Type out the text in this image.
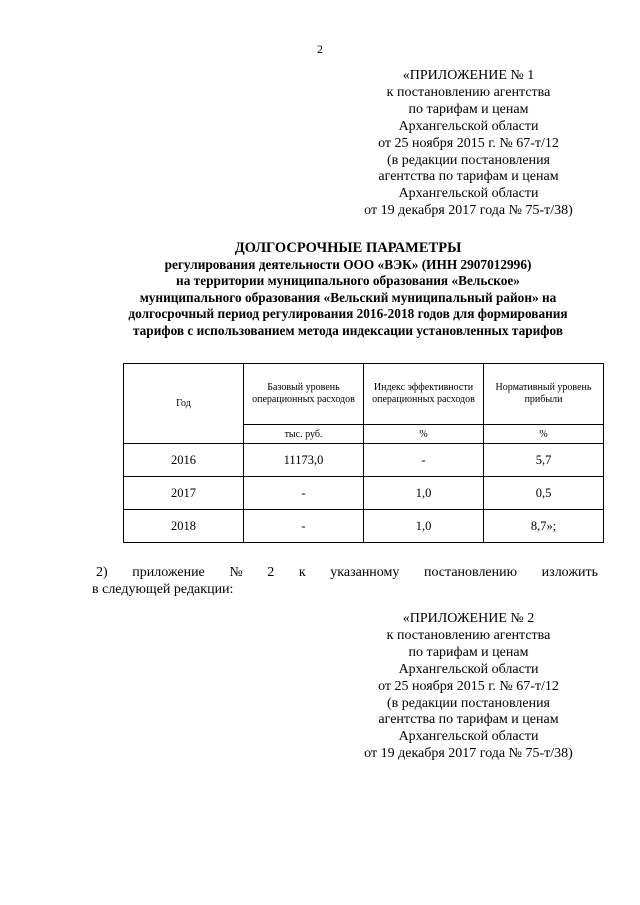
2
«ПРИЛОЖЕНИЕ № 1
к постановлению агентства
по тарифам и ценам
Архангельской области
от 25 ноября 2015 г. № 67-т/12
(в редакции постановления
агентства по тарифам и ценам
Архангельской области
от 19 декабря 2017 года № 75-т/38)
ДОЛГОСРОЧНЫЕ ПАРАМЕТРЫ
регулирования деятельности ООО «ВЭК» (ИНН 2907012996)
на территории муниципального образования «Вельское»
муниципального образования «Вельский муниципальный район» на
долгосрочный период регулирования 2016-2018 годов для формирования
тарифов с использованием метода индексации установленных тарифов
Год	Базовый уровень операционных расходов	Индекс эффективности операционных расходов	Нормативный уровень прибыли
	тыс. руб.	%	%
2016	11173,0	-	5,7
2017	-	1,0	0,5
2018	-	1,0	8,7»;
2) приложение № 2 к указанному постановлению изложить
в следующей редакции:
«ПРИЛОЖЕНИЕ № 2
к постановлению агентства
по тарифам и ценам
Архангельской области
от 25 ноября 2015 г. № 67-т/12
(в редакции постановления
агентства по тарифам и ценам
Архангельской области
от 19 декабря 2017 года № 75-т/38)
